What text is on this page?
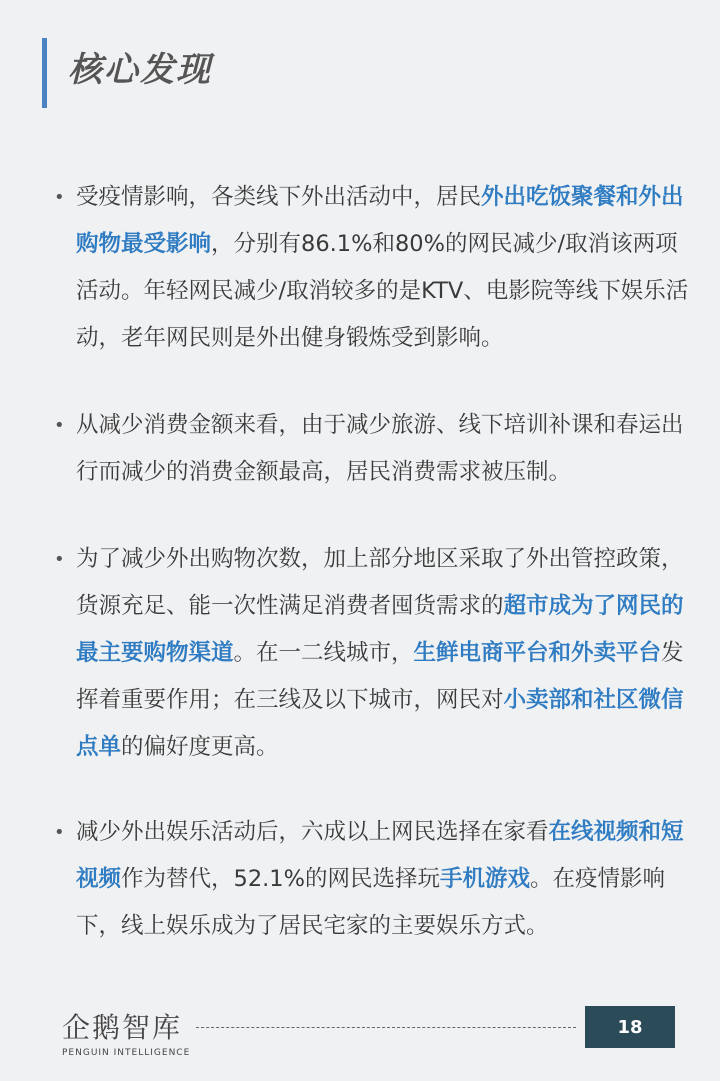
核心发现
• 受疫情影响，各类线下外出活动中，居民外出吃饭聚餐和外出购物最受影响，分别有86.1%和80%的网民减少/取消该两项活动。年轻网民减少/取消较多的是KTV、电影院等线下娱乐活动，老年网民则是外出健身锻炼受到影响。
• 从减少消费金额来看，由于减少旅游、线下培训补课和春运出行而减少的消费金额最高，居民消费需求被压制。
• 为了减少外出购物次数，加上部分地区采取了外出管控政策，货源充足、能一次性满足消费者囤货需求的超市成为了网民的最主要购物渠道。在一二线城市，生鲜电商平台和外卖平台发挥着重要作用；在三线及以下城市，网民对小卖部和社区微信点单的偏好度更高。
• 减少外出娱乐活动后，六成以上网民选择在家看在线视频和短视频作为替代，52.1%的网民选择玩手机游戏。在疫情影响下，线上娱乐成为了居民宅家的主要娱乐方式。
企鹅智库
PENGUIN INTELLIGENCE
18
